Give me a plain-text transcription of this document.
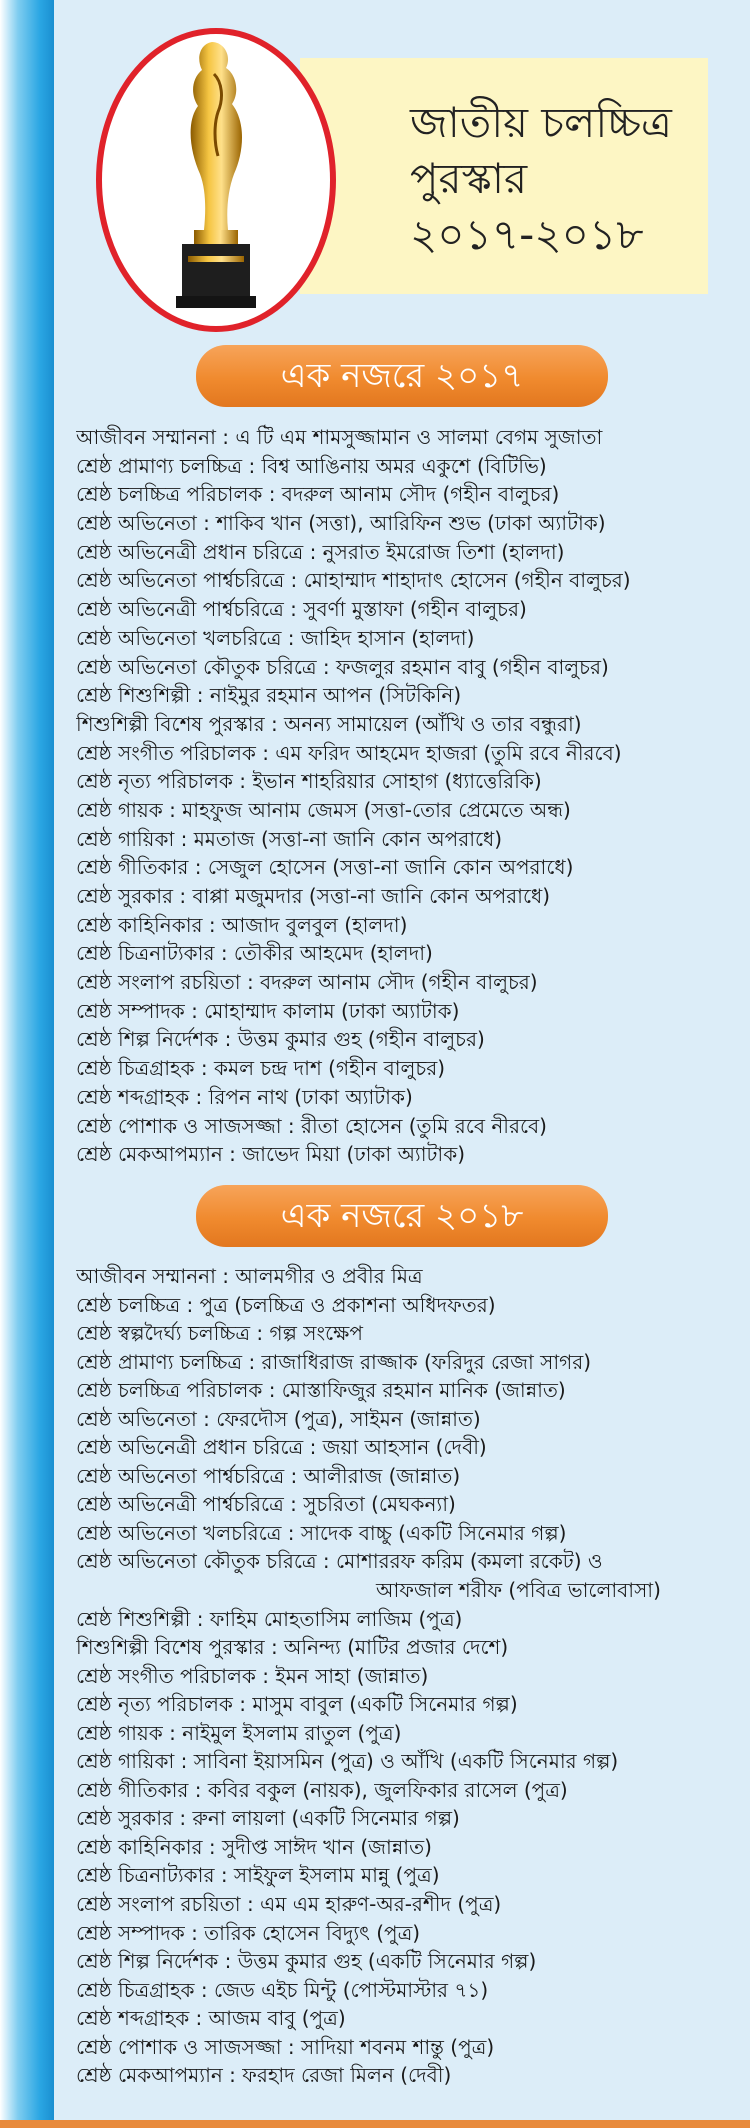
জাতীয় চলচ্চিত্র
পুরস্কার
২০১৭-২০১৮
এক নজরে ২০১৭
আজীবন সম্মাননা : এ টি এম শামসুজ্জামান ও সালমা বেগম সুজাতা
শ্রেষ্ঠ প্রামাণ্য চলচ্চিত্র : বিশ্ব আঙিনায় অমর একুশে (বিটিভি)
শ্রেষ্ঠ চলচ্চিত্র পরিচালক : বদরুল আনাম সৌদ (গহীন বালুচর)
শ্রেষ্ঠ অভিনেতা : শাকিব খান (সত্তা), আরিফিন শুভ (ঢাকা অ্যাটাক)
শ্রেষ্ঠ অভিনেত্রী প্রধান চরিত্রে : নুসরাত ইমরোজ তিশা (হালদা)
শ্রেষ্ঠ অভিনেতা পার্শ্বচরিত্রে : মোহাম্মাদ শাহাদাৎ হোসেন (গহীন বালুচর)
শ্রেষ্ঠ অভিনেত্রী পার্শ্বচরিত্রে : সুবর্ণা মুস্তাফা (গহীন বালুচর)
শ্রেষ্ঠ অভিনেতা খলচরিত্রে : জাহিদ হাসান (হালদা)
শ্রেষ্ঠ অভিনেতা কৌতুক চরিত্রে : ফজলুর রহমান বাবু (গহীন বালুচর)
শ্রেষ্ঠ শিশুশিল্পী : নাইমুর রহমান আপন (সিটকিনি)
শিশুশিল্পী বিশেষ পুরস্কার : অনন্য সামায়েল (আঁখি ও তার বন্ধুরা)
শ্রেষ্ঠ সংগীত পরিচালক : এম ফরিদ আহমেদ হাজরা (তুমি রবে নীরবে)
শ্রেষ্ঠ নৃত্য পরিচালক : ইভান শাহরিয়ার সোহাগ (ধ্যাত্তেরিকি)
শ্রেষ্ঠ গায়ক : মাহফুজ আনাম জেমস (সত্তা-তোর প্রেমেতে অন্ধ)
শ্রেষ্ঠ গায়িকা : মমতাজ (সত্তা-না জানি কোন অপরাধে)
শ্রেষ্ঠ গীতিকার : সেজুল হোসেন (সত্তা-না জানি কোন অপরাধে)
শ্রেষ্ঠ সুরকার : বাপ্পা মজুমদার (সত্তা-না জানি কোন অপরাধে)
শ্রেষ্ঠ কাহিনিকার : আজাদ বুলবুল (হালদা)
শ্রেষ্ঠ চিত্রনাট্যকার : তৌকীর আহমেদ (হালদা)
শ্রেষ্ঠ সংলাপ রচয়িতা : বদরুল আনাম সৌদ (গহীন বালুচর)
শ্রেষ্ঠ সম্পাদক : মোহাম্মাদ কালাম (ঢাকা অ্যাটাক)
শ্রেষ্ঠ শিল্প নির্দেশক : উত্তম কুমার গুহ (গহীন বালুচর)
শ্রেষ্ঠ চিত্রগ্রাহক : কমল চন্দ্র দাশ (গহীন বালুচর)
শ্রেষ্ঠ শব্দগ্রাহক : রিপন নাথ (ঢাকা অ্যাটাক)
শ্রেষ্ঠ পোশাক ও সাজসজ্জা : রীতা হোসেন (তুমি রবে নীরবে)
শ্রেষ্ঠ মেকআপম্যান : জাভেদ মিয়া (ঢাকা অ্যাটাক)
এক নজরে ২০১৮
আজীবন সম্মাননা : আলমগীর ও প্রবীর মিত্র
শ্রেষ্ঠ চলচ্চিত্র : পুত্র (চলচ্চিত্র ও প্রকাশনা অধিদফতর)
শ্রেষ্ঠ স্বল্পদৈর্ঘ্য চলচ্চিত্র : গল্প সংক্ষেপ
শ্রেষ্ঠ প্রামাণ্য চলচ্চিত্র : রাজাধিরাজ রাজ্জাক (ফরিদুর রেজা সাগর)
শ্রেষ্ঠ চলচ্চিত্র পরিচালক : মোস্তাফিজুর রহমান মানিক (জান্নাত)
শ্রেষ্ঠ অভিনেতা : ফেরদৌস (পুত্র), সাইমন (জান্নাত)
শ্রেষ্ঠ অভিনেত্রী প্রধান চরিত্রে : জয়া আহসান (দেবী)
শ্রেষ্ঠ অভিনেতা পার্শ্বচরিত্রে : আলীরাজ (জান্নাত)
শ্রেষ্ঠ অভিনেত্রী পার্শ্বচরিত্রে : সুচরিতা (মেঘকন্যা)
শ্রেষ্ঠ অভিনেতা খলচরিত্রে : সাদেক বাচ্চু (একটি সিনেমার গল্প)
শ্রেষ্ঠ অভিনেতা কৌতুক চরিত্রে : মোশাররফ করিম (কমলা রকেট) ও
আফজাল শরীফ (পবিত্র ভালোবাসা)
শ্রেষ্ঠ শিশুশিল্পী : ফাহিম মোহতাসিম লাজিম (পুত্র)
শিশুশিল্পী বিশেষ পুরস্কার : অনিন্দ্য (মাটির প্রজার দেশে)
শ্রেষ্ঠ সংগীত পরিচালক : ইমন সাহা (জান্নাত)
শ্রেষ্ঠ নৃত্য পরিচালক : মাসুম বাবুল (একটি সিনেমার গল্প)
শ্রেষ্ঠ গায়ক : নাইমুল ইসলাম রাতুল (পুত্র)
শ্রেষ্ঠ গায়িকা : সাবিনা ইয়াসমিন (পুত্র) ও আঁখি (একটি সিনেমার গল্প)
শ্রেষ্ঠ গীতিকার : কবির বকুল (নায়ক), জুলফিকার রাসেল (পুত্র)
শ্রেষ্ঠ সুরকার : রুনা লায়লা (একটি সিনেমার গল্প)
শ্রেষ্ঠ কাহিনিকার : সুদীপ্ত সাঈদ খান (জান্নাত)
শ্রেষ্ঠ চিত্রনাট্যকার : সাইফুল ইসলাম মান্নু (পুত্র)
শ্রেষ্ঠ সংলাপ রচয়িতা : এম এম হারুণ-অর-রশীদ (পুত্র)
শ্রেষ্ঠ সম্পাদক : তারিক হোসেন বিদ্যুৎ (পুত্র)
শ্রেষ্ঠ শিল্প নির্দেশক : উত্তম কুমার গুহ (একটি সিনেমার গল্প)
শ্রেষ্ঠ চিত্রগ্রাহক : জেড এইচ মিন্টু (পোস্টমাস্টার ৭১)
শ্রেষ্ঠ শব্দগ্রাহক : আজম বাবু (পুত্র)
শ্রেষ্ঠ পোশাক ও সাজসজ্জা : সাদিয়া শবনম শান্তু (পুত্র)
শ্রেষ্ঠ মেকআপম্যান : ফরহাদ রেজা মিলন (দেবী)
